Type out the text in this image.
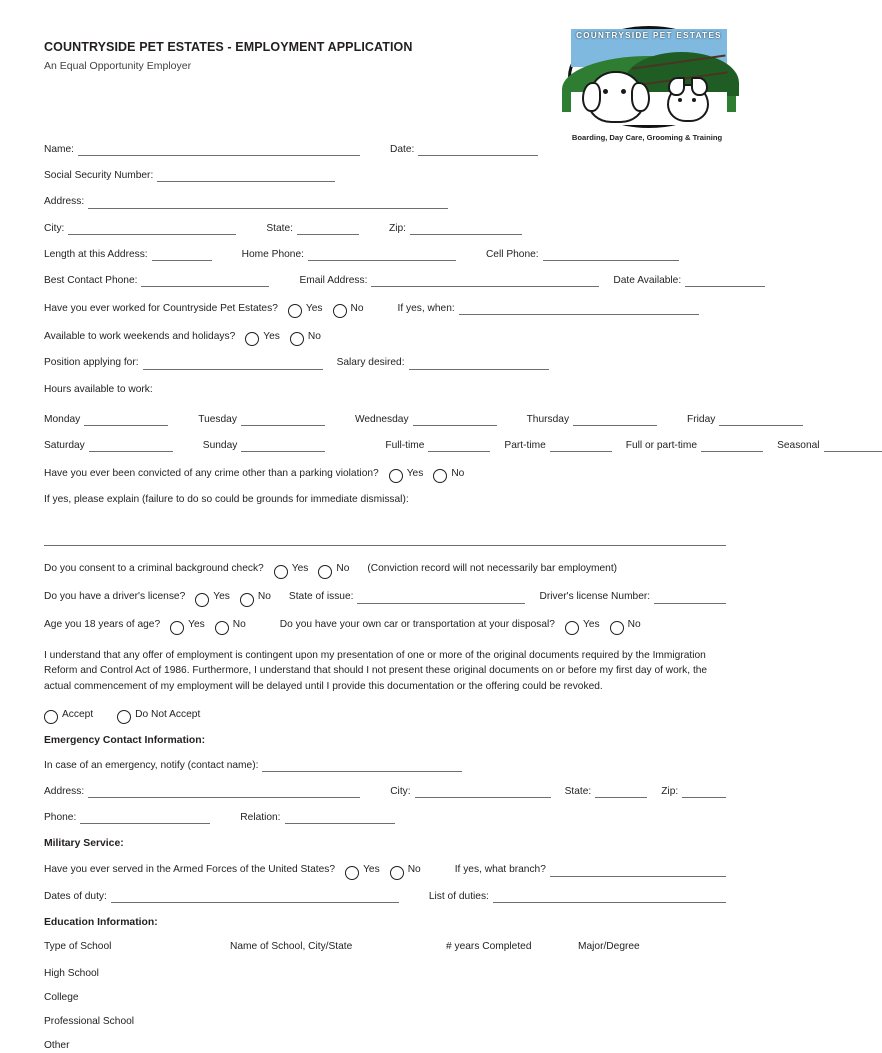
COUNTRYSIDE PET ESTATES - EMPLOYMENT APPLICATION
An Equal Opportunity Employer
COUNTRYSIDE PET ESTATES
Boarding, Day Care, Grooming & Training
Name:	Date:
Social Security Number:
Address:
City:	State:	Zip:
Length at this Address:	Home Phone:	Cell Phone:
Best Contact Phone:	Email Address:	Date Available:
Have you ever worked for Countryside Pet Estates?	Yes	No	If yes, when:
Available to work weekends and holidays?	Yes	No
Position applying for:	Salary desired:
Hours available to work:
Monday	Tuesday	Wednesday	Thursday	Friday
Saturday	Sunday	Full-time	Part-time	Full or part-time	Seasonal
Have you ever been convicted of any crime other than a parking violation?	Yes	No
If yes, please explain (failure to do so could be grounds for immediate dismissal):
Do you consent to a criminal background check?	Yes	No	(Conviction record will not necessarily bar employment)
Do you have a driver's license?	Yes	No	State of issue:	Driver's license Number:
Age you 18 years of age?	Yes	No	Do you have your own car or transportation at your disposal?	Yes	No
I understand that any offer of employment is contingent upon my presentation of one or more of the original documents required by the Immigration Reform and Control Act of 1986. Furthermore, I understand that should I not present these original documents on or before my first day of work, the actual commencement of my employment will be delayed until I provide this documentation or the offering could be revoked.
Accept	Do Not Accept
Emergency Contact Information:
In case of an emergency, notify (contact name):
Address:	City:	State:	Zip:
Phone:	Relation:
Military Service:
Have you ever served in the Armed Forces of the United States?	Yes	No	If yes, what branch?
Dates of duty:	List of duties:
Education Information:
Type of School	Name of School, City/State	# years Completed	Major/Degree
High School
College
Professional School
Other
